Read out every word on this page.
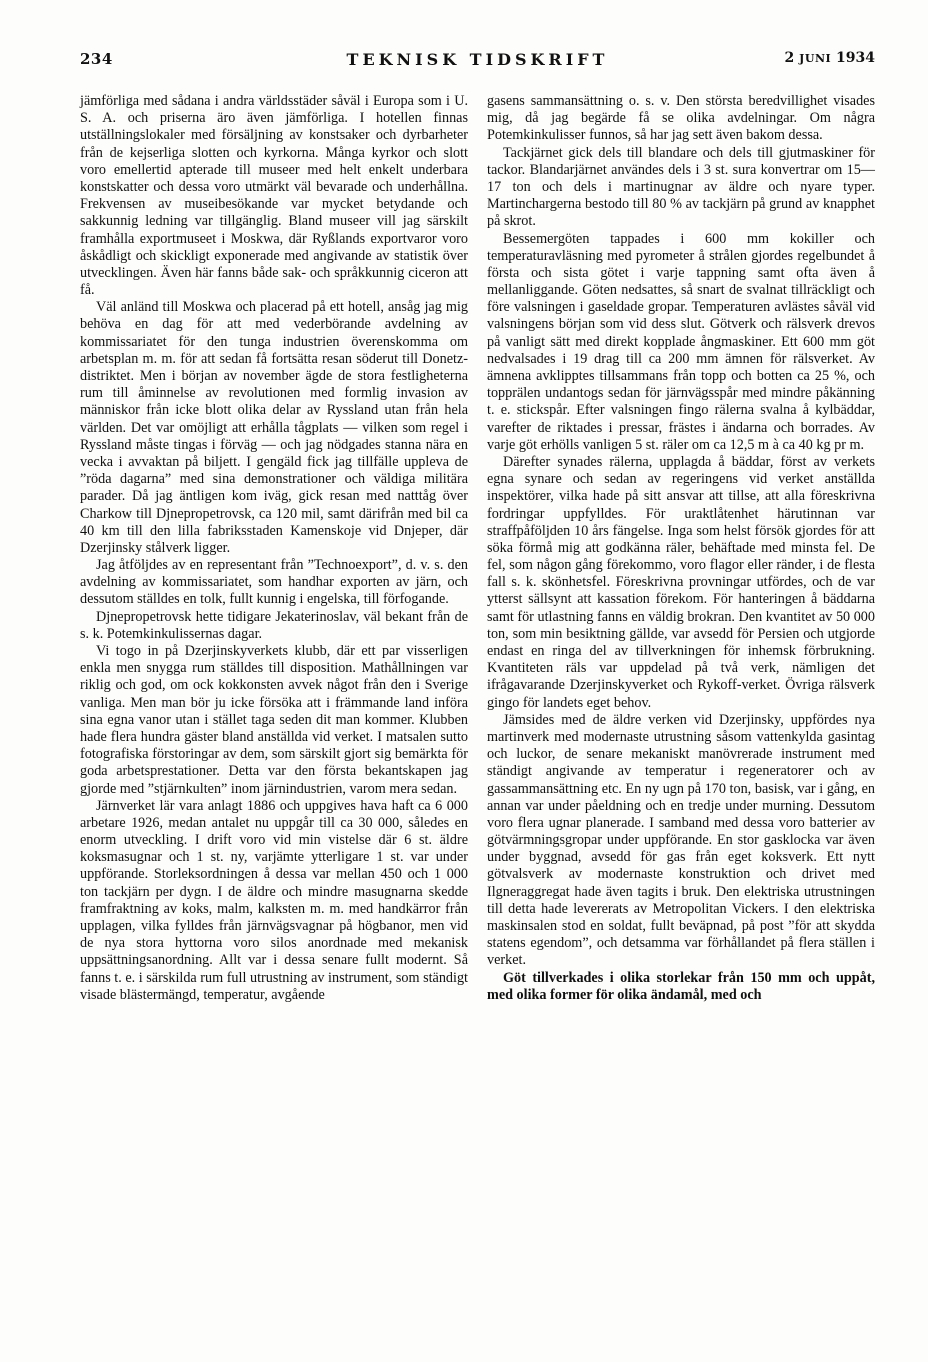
234	TEKNISK TIDSKRIFT	2 JUNI 1934

jämförliga med sådana i andra världsstäder såväl i Europa som i U. S. A. och priserna äro även jämförliga. I hotellen finnas utställningslokaler med försäljning av konstsaker och dyrbarheter från de kejserliga slotten och kyrkorna. Många kyrkor och slott voro emellertid apterade till museer med helt enkelt underbara konstskatter och dessa voro utmärkt väl bevarade och underhållna. Frekvensen av museibesökande var mycket betydande och sakkunnig ledning var tillgänglig. Bland museer vill jag särskilt framhålla exportmuseet i Moskwa, där Ryßlands exportvaror voro åskådligt och skickligt exponerade med angivande av statistik över utvecklingen. Även här fanns både sak- och språkkunnig ciceron att få.

Väl anländ till Moskwa och placerad på ett hotell, ansåg jag mig behöva en dag för att med vederbörande avdelning av kommissariatet för den tunga industrien överenskomma om arbetsplan m. m. för att sedan få fortsätta resan söderut till Donetz-distriktet. Men i början av november ägde de stora festligheterna rum till åminnelse av revolutionen med formlig invasion av människor från icke blott olika delar av Ryssland utan från hela världen. Det var omöjligt att erhålla tågplats — vilken som regel i Ryssland måste tingas i förväg — och jag nödgades stanna nära en vecka i avvaktan på biljett. I gengäld fick jag tillfälle uppleva de ”röda dagarna” med sina demonstrationer och väldiga militära parader. Då jag äntligen kom iväg, gick resan med natttåg över Charkow till Djnepropetrovsk, ca 120 mil, samt därifrån med bil ca 40 km till den lilla fabriksstaden Kamenskoje vid Dnjeper, där Dzerjinsky stålverk ligger.

Jag åtföljdes av en representant från ”Technoexport”, d. v. s. den avdelning av kommissariatet, som handhar exporten av järn, och dessutom ställdes en tolk, fullt kunnig i engelska, till förfogande.

Djnepropetrovsk hette tidigare Jekaterinoslav, väl bekant från de s. k. Potemkinkulissernas dagar.

Vi togo in på Dzerjinskyverkets klubb, där ett par visserligen enkla men snygga rum ställdes till disposition. Mathållningen var riklig och god, om ock kokkonsten avvek något från den i Sverige vanliga. Men man bör ju icke försöka att i främmande land införa sina egna vanor utan i stället taga seden dit man kommer. Klubben hade flera hundra gäster bland anställda vid verket. I matsalen sutto fotografiska förstoringar av dem, som särskilt gjort sig bemärkta för goda arbetsprestationer. Detta var den första bekantskapen jag gjorde med ”stjärnkulten” inom järnindustrien, varom mera sedan.

Järnverket lär vara anlagt 1886 och uppgives hava haft ca 6 000 arbetare 1926, medan antalet nu uppgår till ca 30 000, således en enorm utveckling. I drift voro vid min vistelse där 6 st. äldre koksmasugnar och 1 st. ny, varjämte ytterligare 1 st. var under uppförande. Storleksordningen å dessa var mellan 450 och 1 000 ton tackjärn per dygn. I de äldre och mindre masugnarna skedde framfraktning av koks, malm, kalksten m. m. med handkärror från upplagen, vilka fylldes från järnvägsvagnar på högbanor, men vid de nya stora hyttorna voro silos anordnade med mekanisk uppsättningsanordning. Allt var i dessa senare fullt modernt. Så fanns t. e. i särskilda rum full utrustning av instrument, som ständigt visade blästermängd, temperatur, avgående

gasens sammansättning o. s. v. Den största beredvillighet visades mig, då jag begärde få se olika avdelningar. Om några Potemkinkulisser funnos, så har jag sett även bakom dessa.

Tackjärnet gick dels till blandare och dels till gjutmaskiner för tackor. Blandarjärnet användes dels i 3 st. sura konvertrar om 15—17 ton och dels i martinugnar av äldre och nyare typer. Martinchargerna bestodo till 80 % av tackjärn på grund av knapphet på skrot.

Bessemergöten tappades i 600 mm kokiller och temperaturavläsning med pyrometer å strålen gjordes regelbundet å första och sista götet i varje tappning samt ofta även å mellanliggande. Göten nedsattes, så snart de svalnat tillräckligt och före valsningen i gaseldade gropar. Temperaturen avlästes såväl vid valsningens början som vid dess slut. Götverk och rälsverk drevos på vanligt sätt med direkt kopplade ångmaskiner. Ett 600 mm göt nedvalsades i 19 drag till ca 200 mm ämnen för rälsverket. Av ämnena avklipptes tillsammans från topp och botten ca 25 %, och topprälen undantogs sedan för järnvägsspår med mindre påkänning t. e. stickspår. Efter valsningen fingo rälerna svalna å kylbäddar, varefter de riktades i pressar, frästes i ändarna och borrades. Av varje göt erhölls vanligen 5 st. räler om ca 12,5 m à ca 40 kg pr m.

Därefter synades rälerna, upplagda å bäddar, först av verkets egna synare och sedan av regeringens vid verket anställda inspektörer, vilka hade på sitt ansvar att tillse, att alla föreskrivna fordringar uppfylldes. För uraktlåtenhet härutinnan var straffpåföljden 10 års fängelse. Inga som helst försök gjordes för att söka förmå mig att godkänna räler, behäftade med minsta fel. De fel, som någon gång förekommo, voro flagor eller ränder, i de flesta fall s. k. skönhetsfel. Föreskrivna provningar utfördes, och de var ytterst sällsynt att kassation förekom. För hanteringen å bäddarna samt för utlastning fanns en väldig brokran. Den kvantitet av 50 000 ton, som min besiktning gällde, var avsedd för Persien och utgjorde endast en ringa del av tillverkningen för inhemsk förbrukning. Kvantiteten räls var uppdelad på två verk, nämligen det ifrågavarande Dzerjinskyverket och Rykoff-verket. Övriga rälsverk gingo för landets eget behov.

Jämsides med de äldre verken vid Dzerjinsky, uppfördes nya martinverk med modernaste utrustning såsom vattenkylda gasintag och luckor, de senare mekaniskt manövrerade instrument med ständigt angivande av temperatur i regeneratorer och av gassammansättning etc. En ny ugn på 170 ton, basisk, var i gång, en annan var under påeldning och en tredje under murning. Dessutom voro flera ugnar planerade. I samband med dessa voro batterier av götvärmningsgropar under uppförande. En stor gasklocka var även under byggnad, avsedd för gas från eget koksverk. Ett nytt götvalsverk av modernaste konstruktion och drivet med Ilgneraggregat hade även tagits i bruk. Den elektriska utrustningen till detta hade levererats av Metropolitan Vickers. I den elektriska maskinsalen stod en soldat, fullt beväpnad, på post ”för att skydda statens egendom”, och detsamma var förhållandet på flera ställen i verket.

Göt tillverkades i olika storlekar från 150 mm och uppåt, med olika former för olika ändamål, med och
